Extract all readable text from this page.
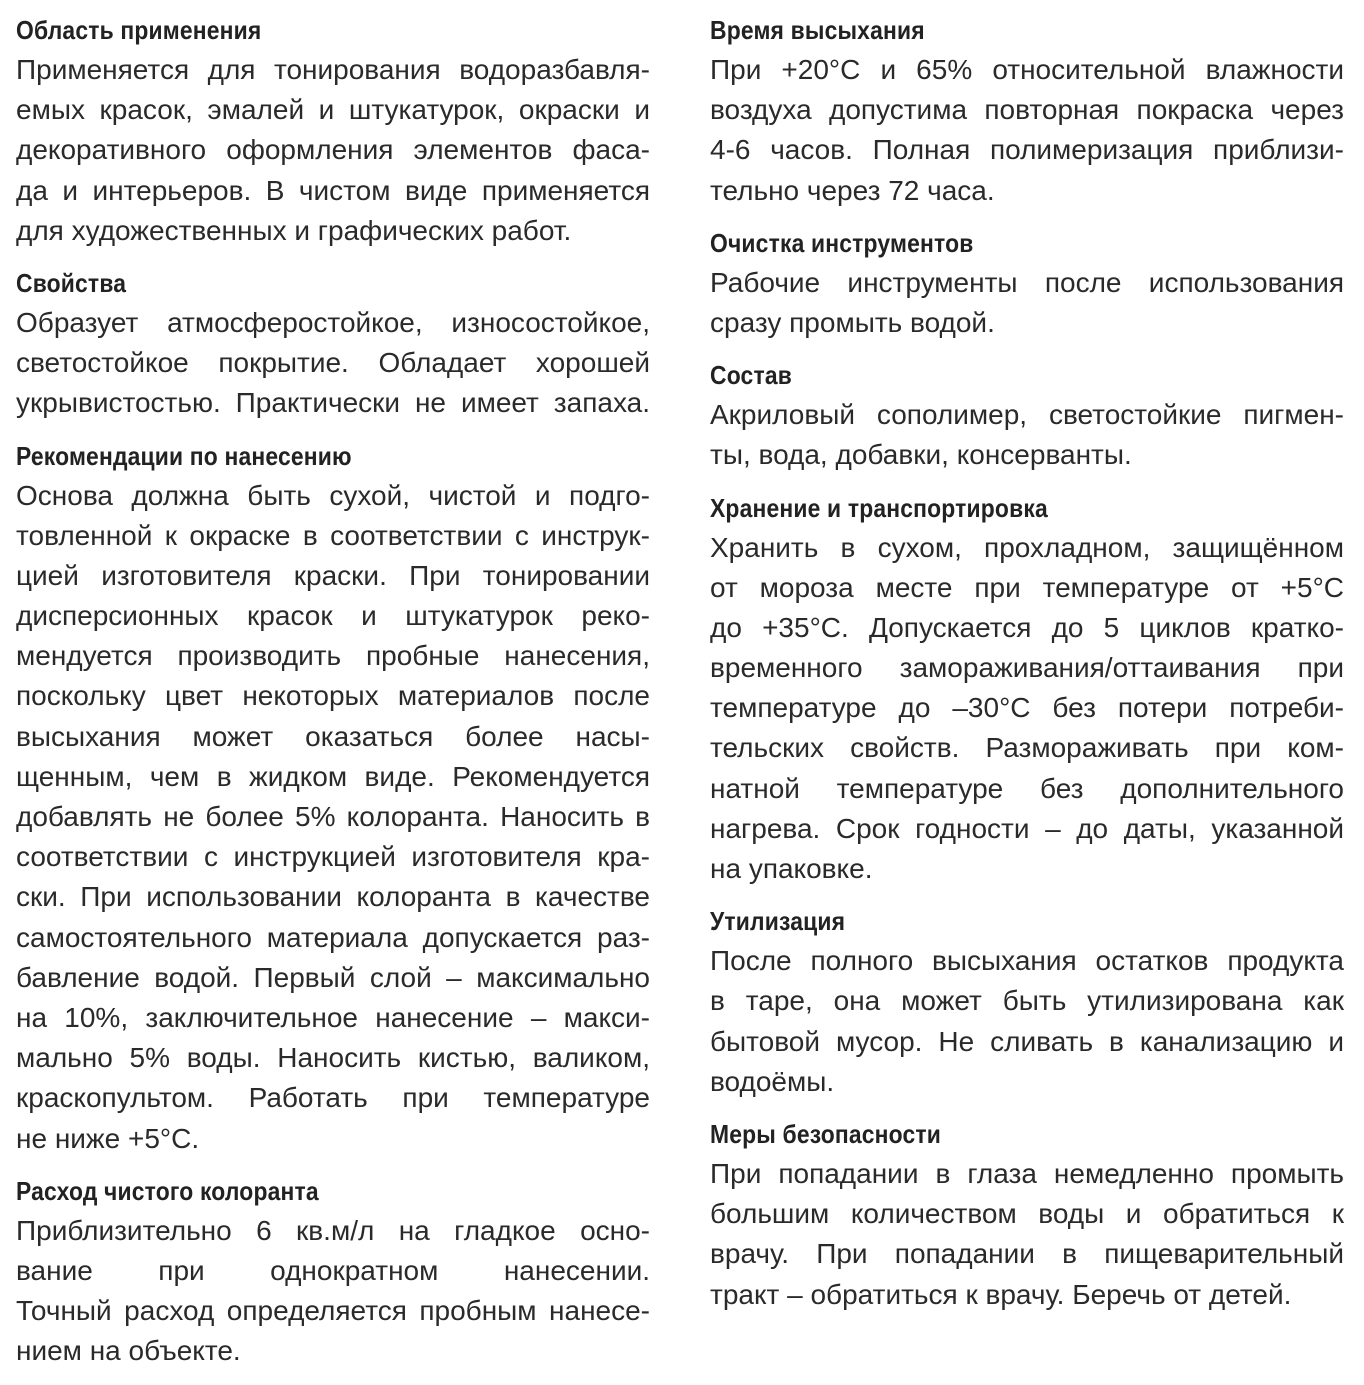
Область применения
Применяется для тонирования водоразбавля-
емых красок, эмалей и штукатурок, окраски и
декоративного оформления элементов фаса-
да и интерьеров. В чистом виде применяется
для художественных и графических работ.
Свойства
Образует атмосферостойкое, износостойкое,
светостойкое покрытие. Обладает хорошей
укрывистостью. Практически не имеет запаха.
Рекомендации по нанесению
Основа должна быть сухой, чистой и подго-
товленной к окраске в соответствии с инструк-
цией изготовителя краски. При тонировании
дисперсионных красок и штукатурок реко-
мендуется производить пробные нанесения,
поскольку цвет некоторых материалов после
высыхания может оказаться более насы-
щенным, чем в жидком виде. Рекомендуется
добавлять не более 5% колоранта. Наносить в
соответствии с инструкцией изготовителя кра-
ски. При использовании колоранта в качестве
самостоятельного материала допускается раз-
бавление водой. Первый слой – максимально
на 10%, заключительное нанесение – макси-
мально 5% воды. Наносить кистью, валиком,
краскопультом. Работать при температуре
не ниже +5°С.
Расход чистого колоранта
Приблизительно 6 кв.м/л на гладкое осно-
вание при однократном нанесении.
Точный расход определяется пробным нанесе-
нием на объекте.
Время высыхания
При +20°С и 65% относительной влажности
воздуха допустима повторная покраска через
4-6 часов. Полная полимеризация приблизи-
тельно через 72 часа.
Очистка инструментов
Рабочие инструменты после использования
сразу промыть водой.
Состав
Акриловый сополимер, светостойкие пигмен-
ты, вода, добавки, консерванты.
Хранение и транспортировка
Хранить в сухом, прохладном, защищённом
от мороза месте при температуре от +5°С
до +35°С. Допускается до 5 циклов кратко-
временного замораживания/оттаивания при
температуре до –30°С без потери потреби-
тельских свойств. Размораживать при ком-
натной температуре без дополнительного
нагрева. Срок годности – до даты, указанной
на упаковке.
Утилизация
После полного высыхания остатков продукта
в таре, она может быть утилизирована как
бытовой мусор. Не сливать в канализацию и
водоёмы.
Меры безопасности
При попадании в глаза немедленно промыть
большим количеством воды и обратиться к
врачу. При попадании в пищеварительный
тракт – обратиться к врачу. Беречь от детей.
